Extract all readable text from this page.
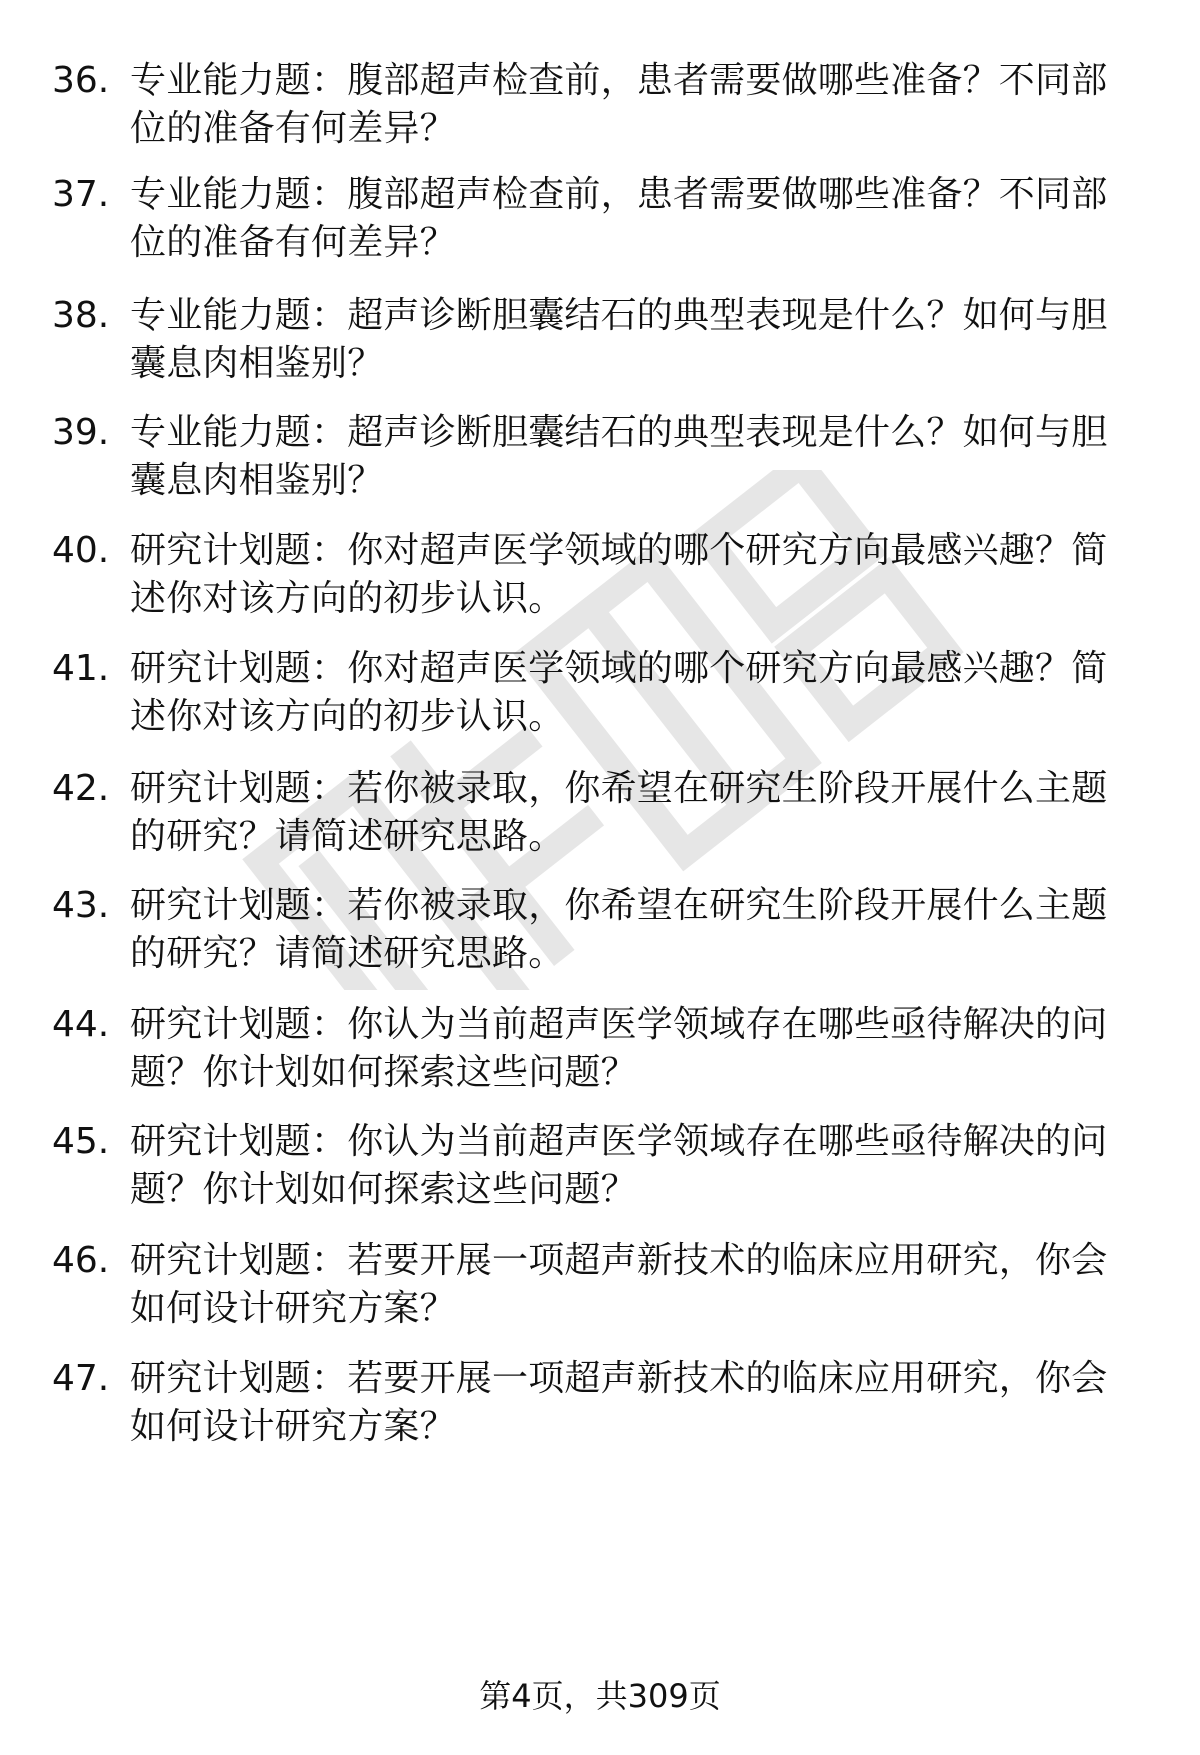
36. 专业能力题：腹部超声检查前，患者需要做哪些准备？不同部位的准备有何差异？
37. 专业能力题：腹部超声检查前，患者需要做哪些准备？不同部位的准备有何差异？
38. 专业能力题：超声诊断胆囊结石的典型表现是什么？如何与胆囊息肉相鉴别？
39. 专业能力题：超声诊断胆囊结石的典型表现是什么？如何与胆囊息肉相鉴别？
40. 研究计划题：你对超声医学领域的哪个研究方向最感兴趣？简述你对该方向的初步认识。
41. 研究计划题：你对超声医学领域的哪个研究方向最感兴趣？简述你对该方向的初步认识。
42. 研究计划题：若你被录取，你希望在研究生阶段开展什么主题的研究？请简述研究思路。
43. 研究计划题：若你被录取，你希望在研究生阶段开展什么主题的研究？请简述研究思路。
44. 研究计划题：你认为当前超声医学领域存在哪些亟待解决的问题？你计划如何探索这些问题？
45. 研究计划题：你认为当前超声医学领域存在哪些亟待解决的问题？你计划如何探索这些问题？
46. 研究计划题：若要开展一项超声新技术的临床应用研究，你会如何设计研究方案？
47. 研究计划题：若要开展一项超声新技术的临床应用研究，你会如何设计研究方案？
第4页，共309页
